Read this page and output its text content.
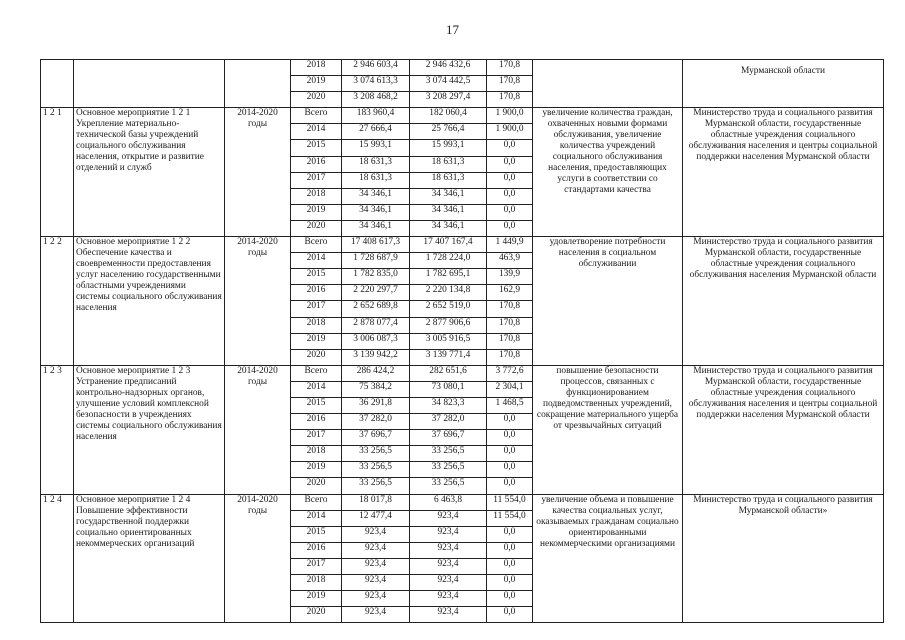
17
			2018	2 946 603,4	2 946 432,6	170,8		Мурманской области
			2019	3 074 613,3	3 074 442,5	170,8		
			2020	3 208 468,2	3 208 297,4	170,8		
1 2 1	Основное мероприятие 1 2 1 Укрепление материально-технической базы учреждений социального обслуживания населения, открытие и развитие отделений и служб	2014-2020 годы	Всего	183 960,4	182 060,4	1 900,0	увеличение количества граждан, охваченных новыми формами обслуживания, увеличение количества учреждений социального обслуживания населения, предоставляющих услуги в соответствии со стандартами качества	Министерство труда и социального развития Мурманской области, государственные областные учреждения социального обслуживания населения и центры социальной поддержки населения Мурманской области
			2014	27 666,4	25 766,4	1 900,0		
			2015	15 993,1	15 993,1	0,0		
			2016	18 631,3	18 631,3	0,0		
			2017	18 631,3	18 631,3	0,0		
			2018	34 346,1	34 346,1	0,0		
			2019	34 346,1	34 346,1	0,0		
			2020	34 346,1	34 346,1	0,0		
1 2 2	Основное мероприятие 1 2 2 Обеспечение качества и своевременности предоставления услуг населению государственными областными учреждениями системы социального обслуживания населения	2014-2020 годы	Всего	17 408 617,3	17 407 167,4	1 449,9	удовлетворение потребности населения в социальном обслуживании	Министерство труда и социального развития Мурманской области, государственные областные учреждения социального обслуживания населения Мурманской области
			2014	1 728 687,9	1 728 224,0	463,9		
			2015	1 782 835,0	1 782 695,1	139,9		
			2016	2 220 297,7	2 220 134,8	162,9		
			2017	2 652 689,8	2 652 519,0	170,8		
			2018	2 878 077,4	2 877 906,6	170,8		
			2019	3 006 087,3	3 005 916,5	170,8		
			2020	3 139 942,2	3 139 771,4	170,8		
1 2 3	Основное мероприятие 1 2 3 Устранение предписаний контрольно-надзорных органов, улучшение условий комплексной безопасности в учреждениях системы социального обслуживания населения	2014-2020 годы	Всего	286 424,2	282 651,6	3 772,6	повышение безопасности процессов, связанных с функционированием подведомственных учреждений, сокращение материального ущерба от чрезвычайных ситуаций	Министерство труда и социального развития Мурманской области, государственные областные учреждения социального обслуживания населения и центры социальной поддержки населения Мурманской области
			2014	75 384,2	73 080,1	2 304,1		
			2015	36 291,8	34 823,3	1 468,5		
			2016	37 282,0	37 282,0	0,0		
			2017	37 696,7	37 696,7	0,0		
			2018	33 256,5	33 256,5	0,0		
			2019	33 256,5	33 256,5	0,0		
			2020	33 256,5	33 256,5	0,0		
1 2 4	Основное мероприятие 1 2 4 Повышение эффективности государственной поддержки социально ориентированных некоммерческих организаций	2014-2020 годы	Всего	18 017,8	6 463,8	11 554,0	увеличение объема и повышение качества социальных услуг, оказываемых гражданам социально ориентированными некоммерческими организациями	Министерство труда и социального развития Мурманской области»
			2014	12 477,4	923,4	11 554,0		
			2015	923,4	923,4	0,0		
			2016	923,4	923,4	0,0		
			2017	923,4	923,4	0,0		
			2018	923,4	923,4	0,0		
			2019	923,4	923,4	0,0		
			2020	923,4	923,4	0,0		
